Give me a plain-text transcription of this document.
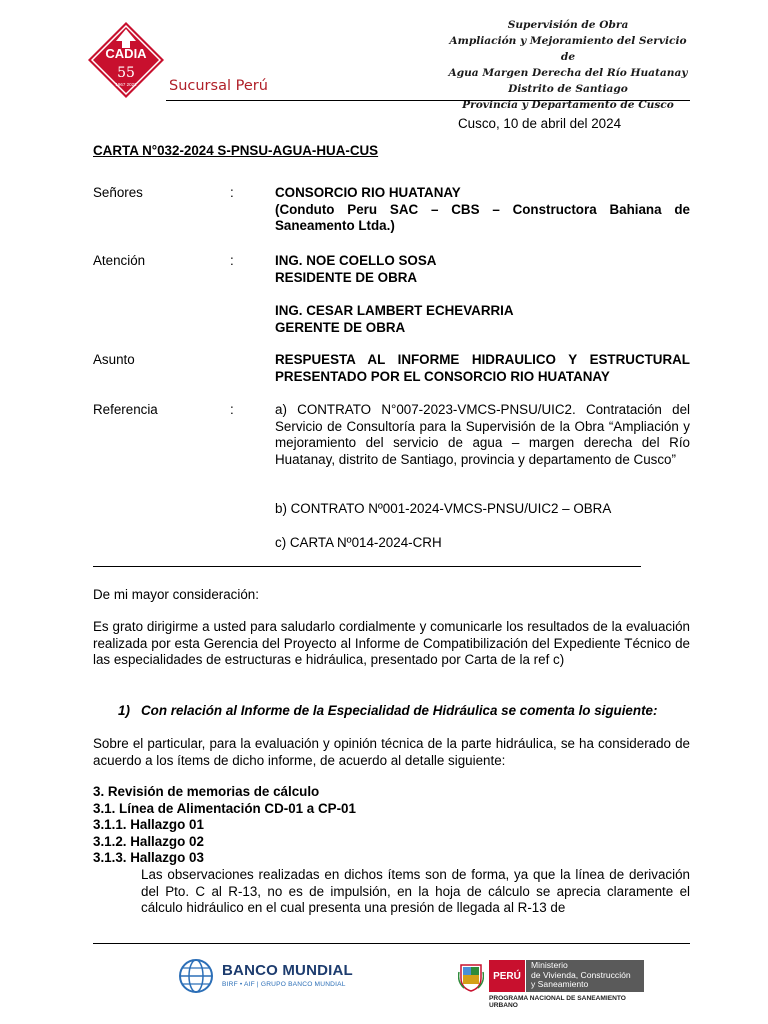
CADIA
55
1967 2022 Sucursal Perú
Supervisión de Obra
Ampliación y Mejoramiento del Servicio de
Agua Margen Derecha del Río Huatanay
Distrito de Santiago
Provincia y Departamento de Cusco
Cusco, 10 de abril del 2024
CARTA N°032-2024 S-PNSU-AGUA-HUA-CUS
Señores	:	CONSORCIO RIO HUATANAY
(Conduto Peru SAC – CBS – Constructora Bahiana de Saneamento Ltda.)
Atención	:	ING. NOE COELLO SOSA
RESIDENTE DE OBRA
ING. CESAR LAMBERT ECHEVARRIA
GERENTE DE OBRA
Asunto	RESPUESTA AL INFORME HIDRAULICO Y ESTRUCTURAL PRESENTADO POR EL CONSORCIO RIO HUATANAY
Referencia	:	a) CONTRATO N°007-2023-VMCS-PNSU/UIC2. Contratación del Servicio de Consultoría para la Supervisión de la Obra “Ampliación y mejoramiento del servicio de agua – margen derecha del Río Huatanay, distrito de Santiago, provincia y departamento de Cusco”
b) CONTRATO Nº001-2024-VMCS-PNSU/UIC2 – OBRA
c) CARTA Nº014-2024-CRH
De mi mayor consideración:
Es grato dirigirme a usted para saludarlo cordialmente y comunicarle los resultados de la evaluación realizada por esta Gerencia del Proyecto al Informe de Compatibilización del Expediente Técnico de las especialidades de estructuras e hidráulica, presentado por Carta de la ref c)
1) Con relación al Informe de la Especialidad de Hidráulica se comenta lo siguiente:
Sobre el particular, para la evaluación y opinión técnica de la parte hidráulica, se ha considerado de acuerdo a los ítems de dicho informe, de acuerdo al detalle siguiente:
3. Revisión de memorias de cálculo
3.1. Línea de Alimentación CD-01 a CP-01
3.1.1. Hallazgo 01
3.1.2. Hallazgo 02
3.1.3. Hallazgo 03
Las observaciones realizadas en dichos ítems son de forma, ya que la línea de derivación del Pto. C al R-13, no es de impulsión, en la hoja de cálculo se aprecia claramente el cálculo hidráulico en el cual presenta una presión de llegada al R-13 de
BANCO MUNDIAL
BIRF • AIF | GRUPO BANCO MUNDIAL
PERÚ
Ministerio
de Vivienda, Construcción
y Saneamiento
PROGRAMA NACIONAL DE SANEAMIENTO URBANO
